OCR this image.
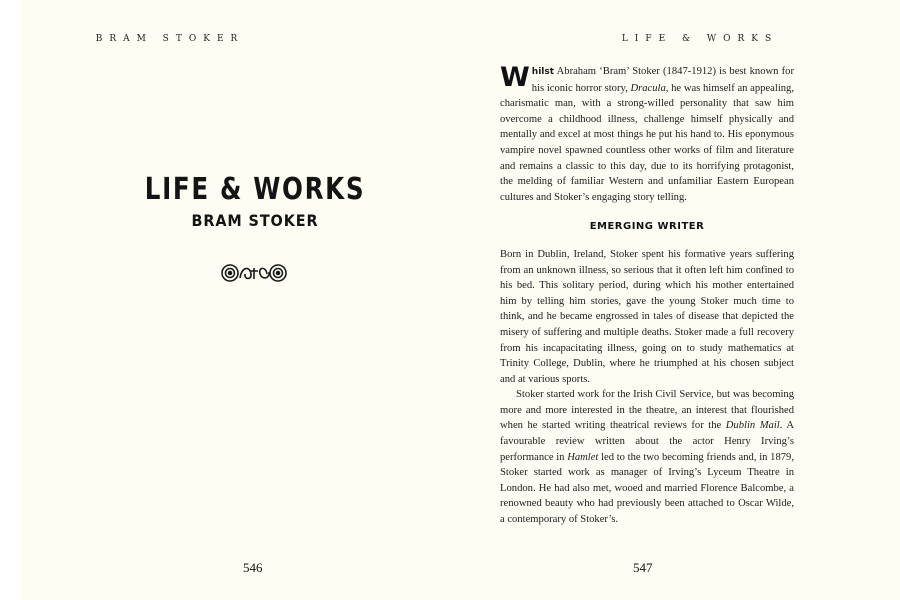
BRAM STOKER
LIFE & WORKS
BRAM STOKER
546
LIFE & WORKS

Whilst Abraham ‘Bram’ Stoker (1847-1912) is best known for his iconic horror story, Dracula, he was himself an appealing, charismatic man, with a strong-willed personality that saw him overcome a childhood illness, challenge himself physically and mentally and excel at most things he put his hand to. His eponymous vampire novel spawned countless other works of film and literature and remains a classic to this day, due to its horrifying protagonist, the melding of familiar Western and unfamiliar Eastern European cultures and Stoker’s engaging story telling.

EMERGING WRITER

Born in Dublin, Ireland, Stoker spent his formative years suffering from an unknown illness, so serious that it often left him confined to his bed. This solitary period, during which his mother entertained him by telling him stories, gave the young Stoker much time to think, and he became engrossed in tales of disease that depicted the misery of suffering and multiple deaths. Stoker made a full recovery from his incapacitating illness, going on to study mathematics at Trinity College, Dublin, where he triumphed at his chosen subject and at various sports.

Stoker started work for the Irish Civil Service, but was becoming more and more interested in the theatre, an interest that flourished when he started writing theatrical reviews for the Dublin Mail. A favourable review written about the actor Henry Irving’s performance in Hamlet led to the two becoming friends and, in 1879, Stoker started work as manager of Irving’s Lyceum Theatre in London. He had also met, wooed and married Florence Balcombe, a renowned beauty who had previously been attached to Oscar Wilde, a contemporary of Stoker’s.

547
